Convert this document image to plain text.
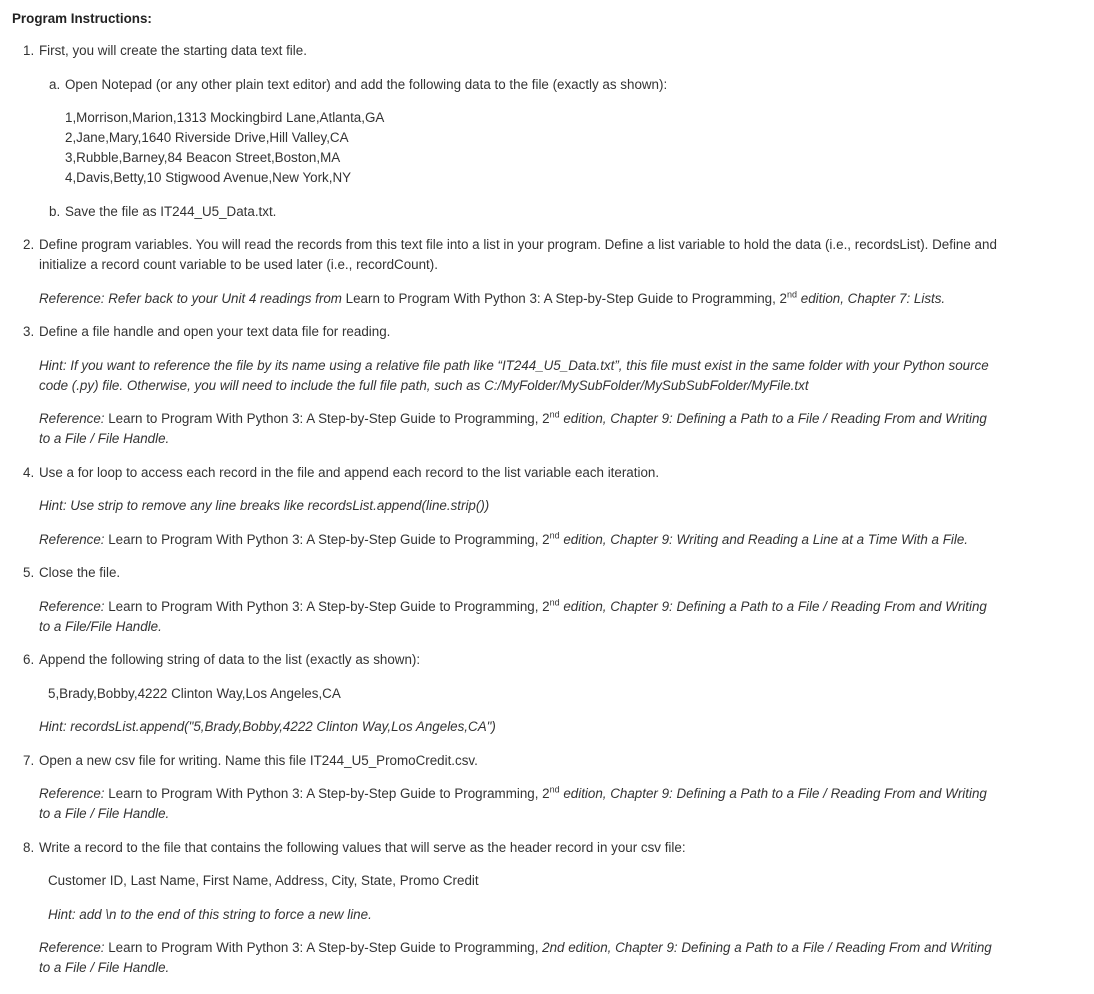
Program Instructions:
1. First, you will create the starting data text file.
a. Open Notepad (or any other plain text editor) and add the following data to the file (exactly as shown):
1,Morrison,Marion,1313 Mockingbird Lane,Atlanta,GA
2,Jane,Mary,1640 Riverside Drive,Hill Valley,CA
3,Rubble,Barney,84 Beacon Street,Boston,MA
4,Davis,Betty,10 Stigwood Avenue,New York,NY
b. Save the file as IT244_U5_Data.txt.
2. Define program variables. You will read the records from this text file into a list in your program. Define a list variable to hold the data (i.e., recordsList). Define and
initialize a record count variable to be used later (i.e., recordCount).
Reference: Refer back to your Unit 4 readings from Learn to Program With Python 3: A Step-by-Step Guide to Programming, 2nd edition, Chapter 7: Lists.
3. Define a file handle and open your text data file for reading.
Hint: If you want to reference the file by its name using a relative file path like “IT244_U5_Data.txt”, this file must exist in the same folder with your Python source
code (.py) file. Otherwise, you will need to include the full file path, such as C:/MyFolder/MySubFolder/MySubSubFolder/MyFile.txt
Reference: Learn to Program With Python 3: A Step-by-Step Guide to Programming, 2nd edition, Chapter 9: Defining a Path to a File / Reading From and Writing
to a File / File Handle.
4. Use a for loop to access each record in the file and append each record to the list variable each iteration.
Hint: Use strip to remove any line breaks like recordsList.append(line.strip())
Reference: Learn to Program With Python 3: A Step-by-Step Guide to Programming, 2nd edition, Chapter 9: Writing and Reading a Line at a Time With a File.
5. Close the file.
Reference: Learn to Program With Python 3: A Step-by-Step Guide to Programming, 2nd edition, Chapter 9: Defining a Path to a File / Reading From and Writing
to a File/File Handle.
6. Append the following string of data to the list (exactly as shown):
5,Brady,Bobby,4222 Clinton Way,Los Angeles,CA
Hint: recordsList.append("5,Brady,Bobby,4222 Clinton Way,Los Angeles,CA")
7. Open a new csv file for writing. Name this file IT244_U5_PromoCredit.csv.
Reference: Learn to Program With Python 3: A Step-by-Step Guide to Programming, 2nd edition, Chapter 9: Defining a Path to a File / Reading From and Writing
to a File / File Handle.
8. Write a record to the file that contains the following values that will serve as the header record in your csv file:
Customer ID, Last Name, First Name, Address, City, State, Promo Credit
Hint: add \n to the end of this string to force a new line.
Reference: Learn to Program With Python 3: A Step-by-Step Guide to Programming, 2nd edition, Chapter 9: Defining a Path to a File / Reading From and Writing
to a File / File Handle.
